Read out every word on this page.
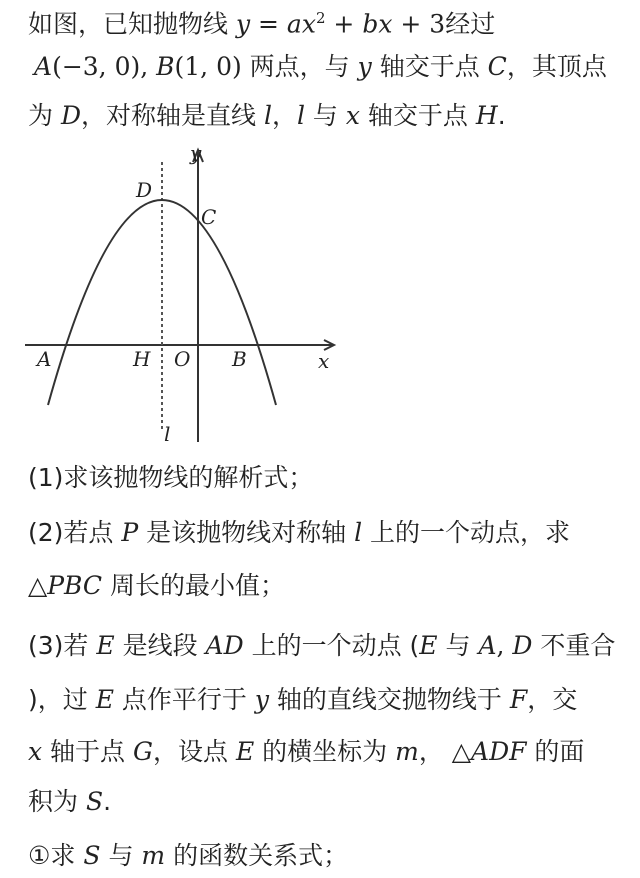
如图，已知抛物线 $y = ax^2$ + bx + 3经过
A(−3, 0), B(1, 0) 两点，与 y 轴交于点 C，其顶点
为 D，对称轴是直线 l，l 与 x 轴交于点 H.
y
x
A	B
C
D
H O
l
(1)求该抛物线的解析式；
(2)若点 P 是该抛物线对称轴 l 上的一个动点，求
△PBC 周长的最小值；
(3)若 E 是线段 AD 上的一个动点 (E 与 A, D 不重合
)，过 E 点作平行于 y 轴的直线交抛物线于 F，交
x 轴于点 G，设点 E 的横坐标为 m， △ADF 的面
积为 S.
①求 S 与 m 的函数关系式；
